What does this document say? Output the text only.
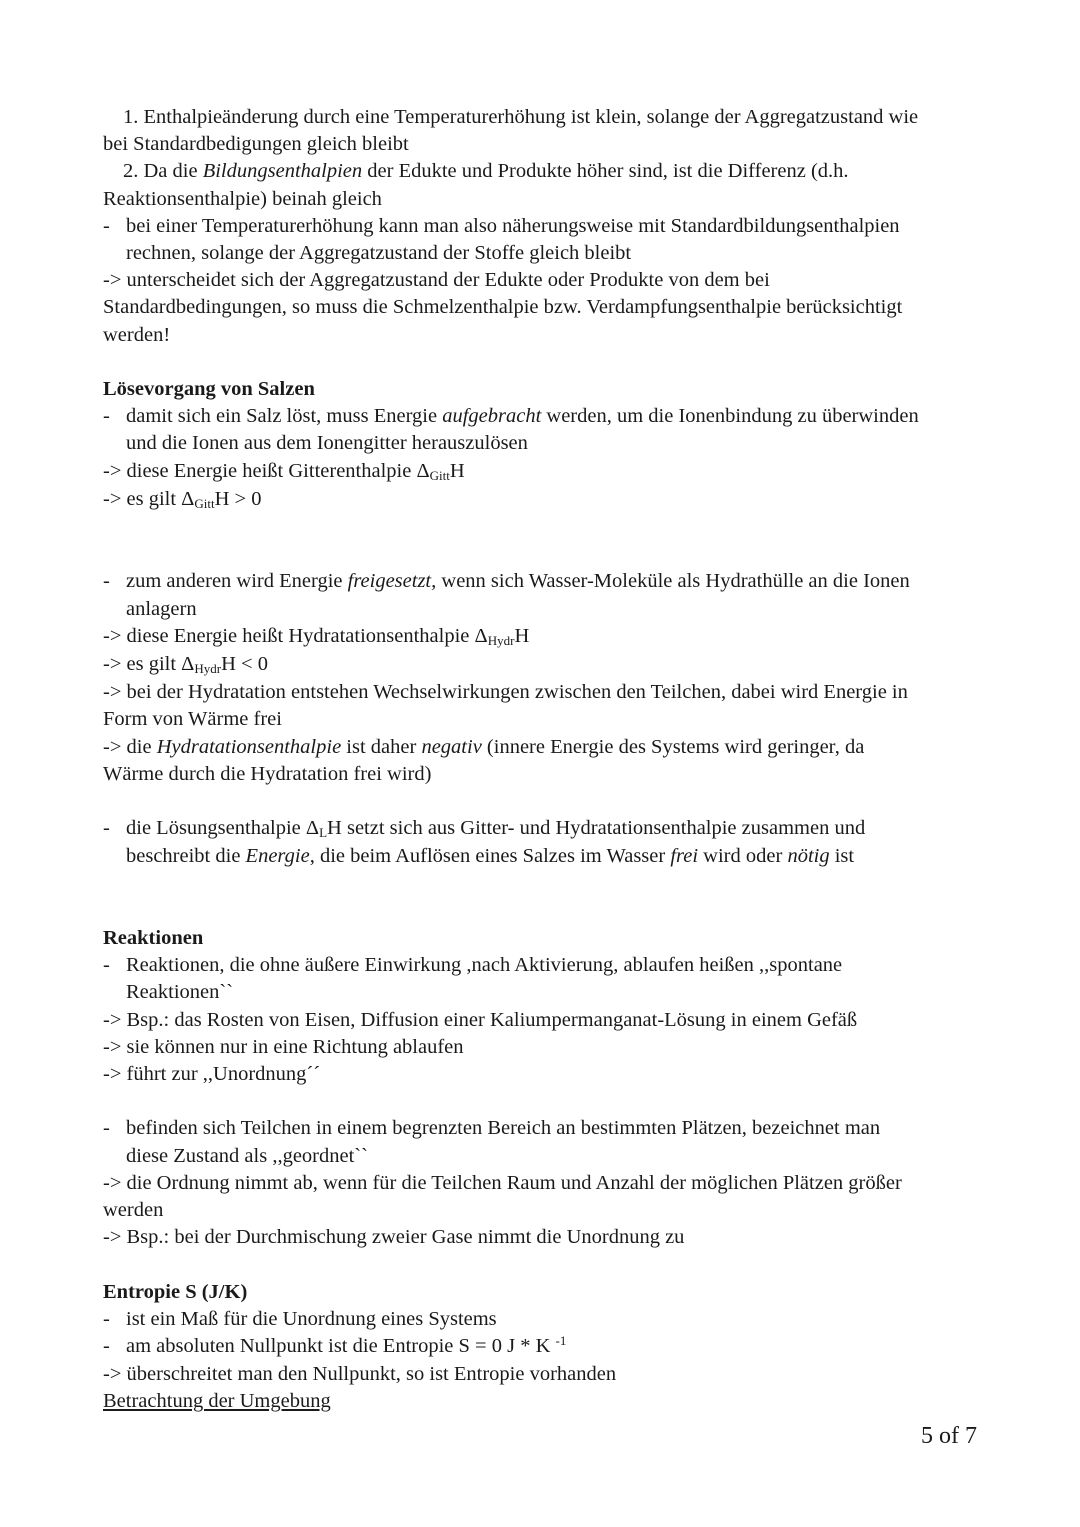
1. Enthalpieänderung durch eine Temperaturerhöhung ist klein, solange der Aggregatzustand wie
bei Standardbedigungen gleich bleibt
2. Da die Bildungsenthalpien der Edukte und Produkte höher sind, ist die Differenz (d.h.
Reaktionsenthalpie) beinah gleich
- bei einer Temperaturerhöhung kann man also näherungsweise mit Standardbildungsenthalpien
rechnen, solange der Aggregatzustand der Stoffe gleich bleibt
-> unterscheidet sich der Aggregatzustand der Edukte oder Produkte von dem bei
Standardbedingungen, so muss die Schmelzenthalpie bzw. Verdampfungsenthalpie berücksichtigt
werden!
Lösevorgang von Salzen
- damit sich ein Salz löst, muss Energie aufgebracht werden, um die Ionenbindung zu überwinden
und die Ionen aus dem Ionengitter herauszulösen
-> diese Energie heißt Gitterenthalpie $\Delta_{Gitt}H$
-> es gilt $\Delta_{Gitt}H > 0$
- zum anderen wird Energie freigesetzt, wenn sich Wasser-Moleküle als Hydrathülle an die Ionen
anlagern
-> diese Energie heißt Hydratationsenthalpie $\Delta_{Hydr}H$
-> es gilt $\Delta_{Hydr}H < 0$
-> bei der Hydratation entstehen Wechselwirkungen zwischen den Teilchen, dabei wird Energie in
Form von Wärme frei
-> die Hydratationsenthalpie ist daher negativ (innere Energie des Systems wird geringer, da
Wärme durch die Hydratation frei wird)
- die Lösungsenthalpie $\Delta_LH$ setzt sich aus Gitter- und Hydratationsenthalpie zusammen und
beschreibt die Energie, die beim Auflösen eines Salzes im Wasser frei wird oder nötig ist
Reaktionen
- Reaktionen, die ohne äußere Einwirkung ,nach Aktivierung, ablaufen heißen ,,spontane
Reaktionen``
-> Bsp.: das Rosten von Eisen, Diffusion einer Kaliumpermanganat-Lösung in einem Gefäß
-> sie können nur in eine Richtung ablaufen
-> führt zur ,,Unordnung´´
- befinden sich Teilchen in einem begrenzten Bereich an bestimmten Plätzen, bezeichnet man
diese Zustand als ,,geordnet``
-> die Ordnung nimmt ab, wenn für die Teilchen Raum und Anzahl der möglichen Plätzen größer
werden
-> Bsp.: bei der Durchmischung zweier Gase nimmt die Unordnung zu
Entropie S (J/K)
- ist ein Maß für die Unordnung eines Systems
- am absoluten Nullpunkt ist die Entropie S = 0 J * K $^{-1}$
-> überschreitet man den Nullpunkt, so ist Entropie vorhanden
Betrachtung der Umgebung
5 of 7
